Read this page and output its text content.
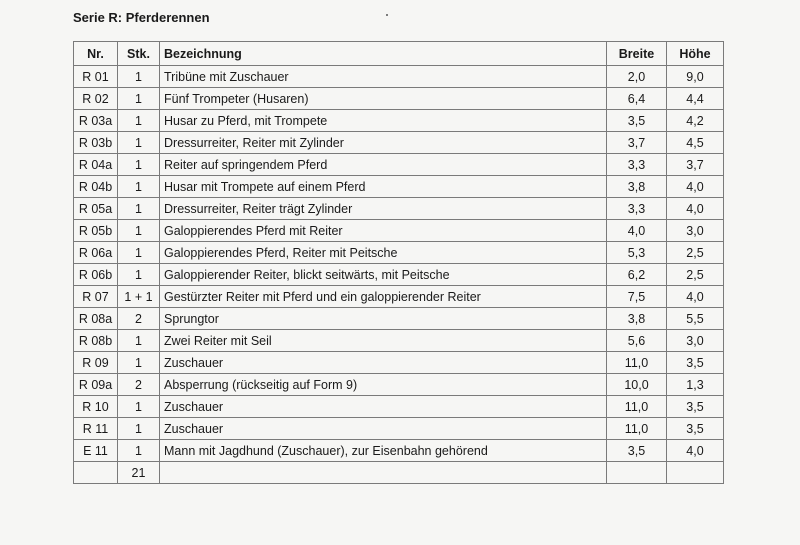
Serie R: Pferderennen
Nr.	Stk.	Bezeichnung	Breite	Höhe
R 01	1	Tribüne mit Zuschauer	2,0	9,0
R 02	1	Fünf Trompeter (Husaren)	6,4	4,4
R 03a	1	Husar zu Pferd, mit Trompete	3,5	4,2
R 03b	1	Dressurreiter, Reiter mit Zylinder	3,7	4,5
R 04a	1	Reiter auf springendem Pferd	3,3	3,7
R 04b	1	Husar mit Trompete auf einem Pferd	3,8	4,0
R 05a	1	Dressurreiter, Reiter trägt Zylinder	3,3	4,0
R 05b	1	Galoppierendes Pferd mit Reiter	4,0	3,0
R 06a	1	Galoppierendes Pferd, Reiter mit Peitsche	5,3	2,5
R 06b	1	Galoppierender Reiter, blickt seitwärts, mit Peitsche	6,2	2,5
R 07	1 + 1	Gestürzter Reiter mit Pferd und ein galoppierender Reiter	7,5	4,0
R 08a	2	Sprungtor	3,8	5,5
R 08b	1	Zwei Reiter mit Seil	5,6	3,0
R 09	1	Zuschauer	11,0	3,5
R 09a	2	Absperrung (rückseitig auf Form 9)	10,0	1,3
R 10	1	Zuschauer	11,0	3,5
R 11	1	Zuschauer	11,0	3,5
E 11	1	Mann mit Jagdhund (Zuschauer), zur Eisenbahn gehörend	3,5	4,0
	21			
